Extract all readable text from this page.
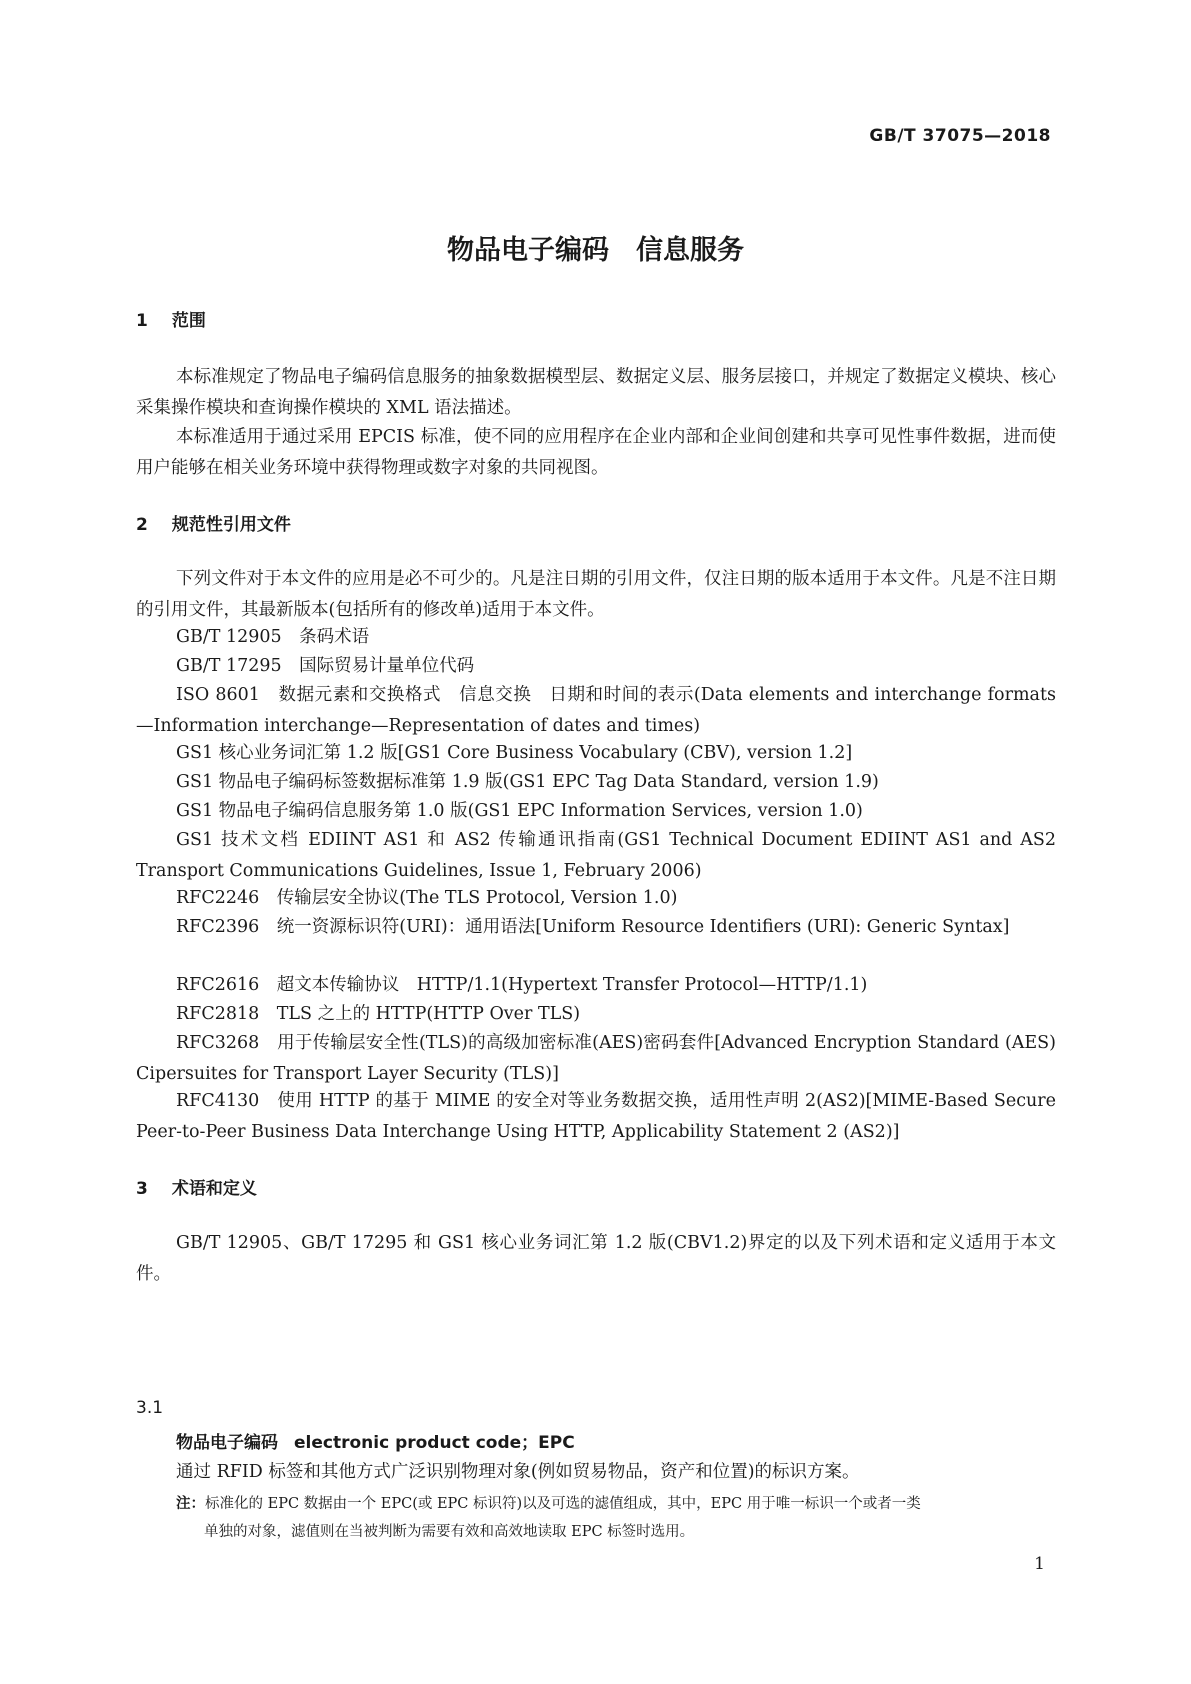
GB/T 37075—2018
物品电子编码　信息服务
1 范围
本标准规定了物品电子编码信息服务的抽象数据模型层、数据定义层、服务层接口，并规定了数据定义模块、核心采集操作模块和查询操作模块的 XML 语法描述。
本标准适用于通过采用 EPCIS 标准，使不同的应用程序在企业内部和企业间创建和共享可见性事件数据，进而使用户能够在相关业务环境中获得物理或数字对象的共同视图。
2 规范性引用文件
下列文件对于本文件的应用是必不可少的。凡是注日期的引用文件，仅注日期的版本适用于本文件。凡是不注日期的引用文件，其最新版本(包括所有的修改单)适用于本文件。
GB/T 12905　条码术语
GB/T 17295　国际贸易计量单位代码
ISO 8601　数据元素和交换格式　信息交换　日期和时间的表示(Data elements and interchange formats—Information interchange—Representation of dates and times)
GS1 核心业务词汇第 1.2 版[GS1 Core Business Vocabulary (CBV), version 1.2]
GS1 物品电子编码标签数据标准第 1.9 版(GS1 EPC Tag Data Standard, version 1.9)
GS1 物品电子编码信息服务第 1.0 版(GS1 EPC Information Services, version 1.0)
GS1 技术文档 EDIINT AS1 和 AS2 传输通讯指南(GS1 Technical Document EDIINT AS1 and AS2 Transport Communications Guidelines, Issue 1, February 2006)
RFC2246　传输层安全协议(The TLS Protocol, Version 1.0)
RFC2396　统一资源标识符(URI)：通用语法[Uniform Resource Identifiers (URI): Generic Syntax]
RFC2616　超文本传输协议　HTTP/1.1(Hypertext Transfer Protocol—HTTP/1.1)
RFC2818　TLS 之上的 HTTP(HTTP Over TLS)
RFC3268　用于传输层安全性(TLS)的高级加密标准(AES)密码套件[Advanced Encryption Standard (AES) Cipersuites for Transport Layer Security (TLS)]
RFC4130　使用 HTTP 的基于 MIME 的安全对等业务数据交换，适用性声明 2(AS2)[MIME-Based Secure Peer-to-Peer Business Data Interchange Using HTTP, Applicability Statement 2 (AS2)]
3 术语和定义
GB/T 12905、GB/T 17295 和 GS1 核心业务词汇第 1.2 版(CBV1.2)界定的以及下列术语和定义适用于本文件。
3.1
物品电子编码 electronic product code；EPC
通过 RFID 标签和其他方式广泛识别物理对象(例如贸易物品，资产和位置)的标识方案。
注：标准化的 EPC 数据由一个 EPC(或 EPC 标识符)以及可选的滤值组成，其中，EPC 用于唯一标识一个或者一类
单独的对象，滤值则在当被判断为需要有效和高效地读取 EPC 标签时选用。
1
